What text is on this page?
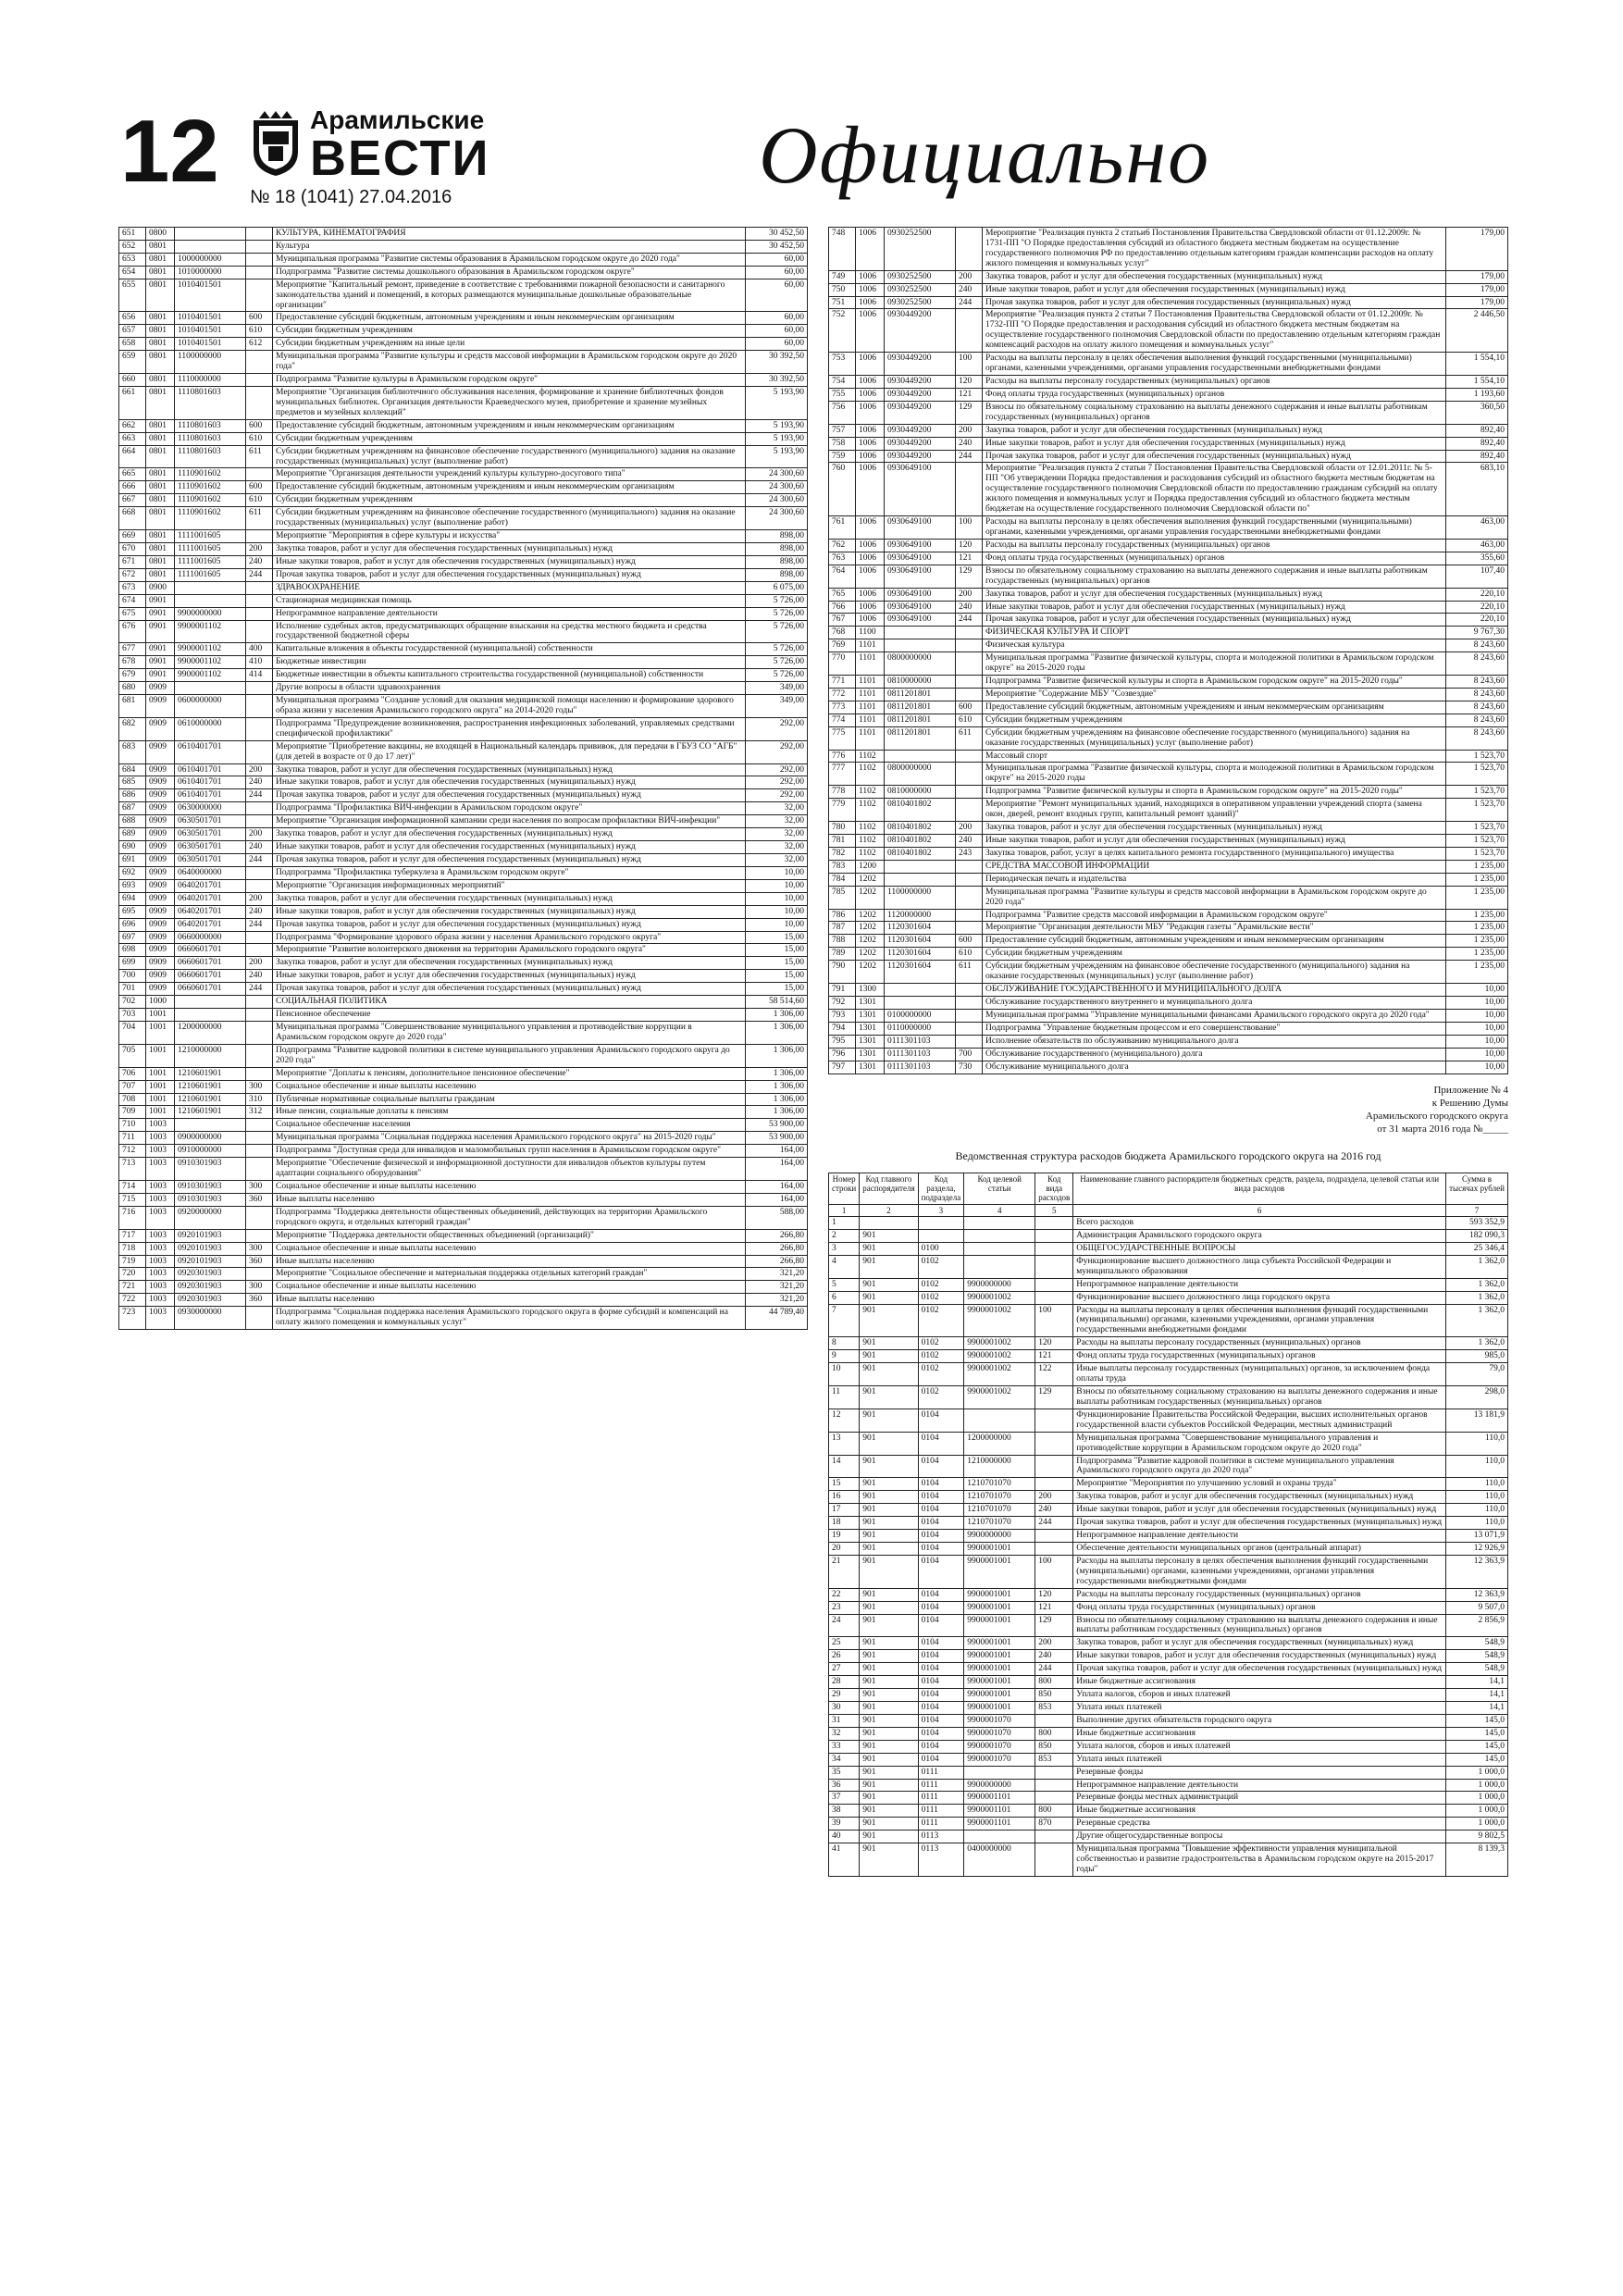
12	Арамильские
ВЕСТИ
№ 18 (1041) 27.04.2016	Официально
651	0800			КУЛЬТУРА, КИНЕМАТОГРАФИЯ	30 452,50
652	0801			Культура	30 452,50
653	0801	1000000000		Муниципальная программа "Развитие системы образования в Арамильском городском округе до 2020 года"	60,00
654	0801	1010000000		Подпрограмма "Развитие системы дошкольного образования в Арамильском городском округе"	60,00
655	0801	1010401501		Мероприятие "Капитальный ремонт, приведение в соответствие с требованиями пожарной безопасности и санитарного законодательства зданий и помещений, в которых размещаются муниципальные дошкольные образовательные организации"	60,00
656	0801	1010401501	600	Предоставление субсидий бюджетным, автономным учреждениям и иным некоммерческим организациям	60,00
657	0801	1010401501	610	Субсидии бюджетным учреждениям	60,00
658	0801	1010401501	612	Субсидии бюджетным учреждениям на иные цели	60,00
659	0801	1100000000		Муниципальная программа "Развитие культуры и средств массовой информации в Арамильском городском округе до 2020 года"	30 392,50
660	0801	1110000000		Подпрограмма "Развитие культуры в Арамильском городском округе"	30 392,50
661	0801	1110801603		Мероприятие "Организация библиотечного обслуживания населения, формирование и хранение библиотечных фондов муниципальных библиотек. Организация деятельности Краеведческого музея, приобретение и хранение музейных предметов и музейных коллекций"	5 193,90
662	0801	1110801603	600	Предоставление субсидий бюджетным, автономным учреждениям и иным некоммерческим организациям	5 193,90
663	0801	1110801603	610	Субсидии бюджетным учреждениям	5 193,90
664	0801	1110801603	611	Субсидии бюджетным учреждениям на финансовое обеспечение государственного (муниципального) задания на оказание государственных (муниципальных) услуг (выполнение работ)	5 193,90
665	0801	1110901602		Мероприятие "Организация деятельности учреждений культуры культурно-досугового типа"	24 300,60
666	0801	1110901602	600	Предоставление субсидий бюджетным, автономным учреждениям и иным некоммерческим организациям	24 300,60
667	0801	1110901602	610	Субсидии бюджетным учреждениям	24 300,60
668	0801	1110901602	611	Субсидии бюджетным учреждениям на финансовое обеспечение государственного (муниципального) задания на оказание государственных (муниципальных) услуг (выполнение работ)	24 300,60
669	0801	1111001605		Мероприятие "Мероприятия в сфере культуры и искусства"	898,00
670	0801	1111001605	200	Закупка товаров, работ и услуг для обеспечения государственных (муниципальных) нужд	898,00
671	0801	1111001605	240	Иные закупки товаров, работ и услуг для обеспечения государственных (муниципальных) нужд	898,00
672	0801	1111001605	244	Прочая закупка товаров, работ и услуг для обеспечения государственных (муниципальных) нужд	898,00
673	0900			ЗДРАВООХРАНЕНИЕ	6 075,00
674	0901			Стационарная медицинская помощь	5 726,00
675	0901	9900000000		Непрограммное направление деятельности	5 726,00
676	0901	9900001102		Исполнение судебных актов, предусматривающих обращение взыскания на средства местного бюджета и средства государственной бюджетной сферы	5 726,00
677	0901	9900001102	400	Капитальные вложения в объекты государственной (муниципальной) собственности	5 726,00
678	0901	9900001102	410	Бюджетные инвестиции	5 726,00
679	0901	9900001102	414	Бюджетные инвестиции в объекты капитального строительства государственной (муниципальной) собственности	5 726,00
680	0909			Другие вопросы в области здравоохранения	349,00
681	0909	0600000000		Муниципальная программа "Создание условий для оказания медицинской помощи населению и формирование здорового образа жизни у населения Арамильского городского округа" на 2014-2020 годы"	349,00
682	0909	0610000000		Подпрограмма "Предупреждение возникновения, распространения инфекционных заболеваний, управляемых средствами специфической профилактики"	292,00
683	0909	0610401701		Мероприятие "Приобретение вакцины, не входящей в Национальный календарь прививок, для передачи в ГБУЗ СО "АГБ" (для детей в возрасте от 0 до 17 лет)"	292,00
684	0909	0610401701	200	Закупка товаров, работ и услуг для обеспечения государственных (муниципальных) нужд	292,00
685	0909	0610401701	240	Иные закупки товаров, работ и услуг для обеспечения государственных (муниципальных) нужд	292,00
686	0909	0610401701	244	Прочая закупка товаров, работ и услуг для обеспечения государственных (муниципальных) нужд	292,00
687	0909	0630000000		Подпрограмма "Профилактика ВИЧ-инфекции в Арамильском городском округе"	32,00
688	0909	0630501701		Мероприятие "Организация информационной кампании среди населения по вопросам профилактики ВИЧ-инфекции"	32,00
689	0909	0630501701	200	Закупка товаров, работ и услуг для обеспечения государственных (муниципальных) нужд	32,00
690	0909	0630501701	240	Иные закупки товаров, работ и услуг для обеспечения государственных (муниципальных) нужд	32,00
691	0909	0630501701	244	Прочая закупка товаров, работ и услуг для обеспечения государственных (муниципальных) нужд	32,00
692	0909	0640000000		Подпрограмма "Профилактика туберкулеза в Арамильском городском округе"	10,00
693	0909	0640201701		Мероприятие "Организация информационных мероприятий"	10,00
694	0909	0640201701	200	Закупка товаров, работ и услуг для обеспечения государственных (муниципальных) нужд	10,00
695	0909	0640201701	240	Иные закупки товаров, работ и услуг для обеспечения государственных (муниципальных) нужд	10,00
696	0909	0640201701	244	Прочая закупка товаров, работ и услуг для обеспечения государственных (муниципальных) нужд	10,00
697	0909	0660000000		Подпрограмма "Формирование здорового образа жизни у населения Арамильского городского округа"	15,00
698	0909	0660601701		Мероприятие "Развитие волонтерского движения на территории Арамильского городского округа"	15,00
699	0909	0660601701	200	Закупка товаров, работ и услуг для обеспечения государственных (муниципальных) нужд	15,00
700	0909	0660601701	240	Иные закупки товаров, работ и услуг для обеспечения государственных (муниципальных) нужд	15,00
701	0909	0660601701	244	Прочая закупка товаров, работ и услуг для обеспечения государственных (муниципальных) нужд	15,00
702	1000			СОЦИАЛЬНАЯ ПОЛИТИКА	58 514,60
703	1001			Пенсионное обеспечение	1 306,00
704	1001	1200000000		Муниципальная программа "Совершенствование муниципального управления и противодействие коррупции в Арамильском городском округе до 2020 года"	1 306,00
705	1001	1210000000		Подпрограмма "Развитие кадровой политики в системе муниципального управления Арамильского городского округа до 2020 года"	1 306,00
706	1001	1210601901		Мероприятие "Доплаты к пенсиям, дополнительное пенсионное обеспечение"	1 306,00
707	1001	1210601901	300	Социальное обеспечение и иные выплаты населению	1 306,00
708	1001	1210601901	310	Публичные нормативные социальные выплаты гражданам	1 306,00
709	1001	1210601901	312	Иные пенсии, социальные доплаты к пенсиям	1 306,00
710	1003			Социальное обеспечение населения	53 900,00
711	1003	0900000000		Муниципальная программа "Социальная поддержка населения Арамильского городского округа" на 2015-2020 годы"	53 900,00
712	1003	0910000000		Подпрограмма "Доступная среда для инвалидов и маломобильных групп населения в Арамильском городском округе"	164,00
713	1003	0910301903		Мероприятие "Обеспечение физической и информационной доступности для инвалидов объектов культуры путем адаптации социального оборудования"	164,00
714	1003	0910301903	300	Социальное обеспечение и иные выплаты населению	164,00
715	1003	0910301903	360	Иные выплаты населению	164,00
716	1003	0920000000		Подпрограмма "Поддержка деятельности общественных объединений, действующих на территории Арамильского городского округа, и отдельных категорий граждан"	588,00
717	1003	0920101903		Мероприятие "Поддержка деятельности общественных объединений (организаций)"	266,80
718	1003	0920101903	300	Социальное обеспечение и иные выплаты населению	266,80
719	1003	0920101903	360	Иные выплаты населению	266,80
720	1003	0920301903		Мероприятие "Социальное обеспечение и материальная поддержка отдельных категорий граждан"	321,20
721	1003	0920301903	300	Социальное обеспечение и иные выплаты населению	321,20
722	1003	0920301903	360	Иные выплаты населению	321,20
723	1003	0930000000		Подпрограмма "Социальная поддержка населения Арамильского городского округа в форме субсидий и компенсаций на оплату жилого помещения и коммунальных услуг"	44 789,40
748	1006	0930252500		Мероприятие "Реализация пункта 2 статьи6 Постановления Правительства Свердловской области от 01.12.2009г. № 1731-ПП "О Порядке предоставления субсидий из областного бюджета местным бюджетам на осуществление государственного полномочия РФ по предоставлению отдельным категориям граждан компенсации расходов на оплату жилого помещения и коммунальных услуг"	179,00
749	1006	0930252500	200	Закупка товаров, работ и услуг для обеспечения государственных (муниципальных) нужд	179,00
750	1006	0930252500	240	Иные закупки товаров, работ и услуг для обеспечения государственных (муниципальных) нужд	179,00
751	1006	0930252500	244	Прочая закупка товаров, работ и услуг для обеспечения государственных (муниципальных) нужд	179,00
752	1006	0930449200		Мероприятие "Реализация пункта 2 статьи 7 Постановления Правительства Свердловской области от 01.12.2009г. № 1732-ПП "О Порядке предоставления и расходования субсидий из областного бюджета местным бюджетам на осуществление государственного полномочия Свердловской области по предоставлению отдельным категориям граждан компенсаций расходов на оплату жилого помещения и коммунальных услуг"	2 446,50
753	1006	0930449200	100	Расходы на выплаты персоналу в целях обеспечения выполнения функций государственными (муниципальными) органами, казенными учреждениями, органами управления государственными внебюджетными фондами	1 554,10
754	1006	0930449200	120	Расходы на выплаты персоналу государственных (муниципальных) органов	1 554,10
755	1006	0930449200	121	Фонд оплаты труда государственных (муниципальных) органов	1 193,60
756	1006	0930449200	129	Взносы по обязательному социальному страхованию на выплаты денежного содержания и иные выплаты работникам государственных (муниципальных) органов	360,50
757	1006	0930449200	200	Закупка товаров, работ и услуг для обеспечения государственных (муниципальных) нужд	892,40
758	1006	0930449200	240	Иные закупки товаров, работ и услуг для обеспечения государственных (муниципальных) нужд	892,40
759	1006	0930449200	244	Прочая закупка товаров, работ и услуг для обеспечения государственных (муниципальных) нужд	892,40
760	1006	0930649100		Мероприятие "Реализация пункта 2 статьи 7 Постановления Правительства Свердловской области от 12.01.2011г. № 5-ПП "Об утверждении Порядка предоставления и расходования субсидий из областного бюджета местным бюджетам на осуществление государственного полномочия Свердловской области по предоставлению гражданам субсидий на оплату жилого помещения и коммунальных услуг и Порядка предоставления субсидий из областного бюджета местным бюджетам на осуществление государственного полномочия Свердловской области по"	683,10
761	1006	0930649100	100	Расходы на выплаты персоналу в целях обеспечения выполнения функций государственными (муниципальными) органами, казенными учреждениями, органами управления государственными внебюджетными фондами	463,00
762	1006	0930649100	120	Расходы на выплаты персоналу государственных (муниципальных) органов	463,00
763	1006	0930649100	121	Фонд оплаты труда государственных (муниципальных) органов	355,60
764	1006	0930649100	129	Взносы по обязательному социальному страхованию на выплаты денежного содержания и иные выплаты работникам государственных (муниципальных) органов	107,40
765	1006	0930649100	200	Закупка товаров, работ и услуг для обеспечения государственных (муниципальных) нужд	220,10
766	1006	0930649100	240	Иные закупки товаров, работ и услуг для обеспечения государственных (муниципальных) нужд	220,10
767	1006	0930649100	244	Прочая закупка товаров, работ и услуг для обеспечения государственных (муниципальных) нужд	220,10
768	1100			ФИЗИЧЕСКАЯ КУЛЬТУРА И СПОРТ	9 767,30
769	1101			Физическая культура	8 243,60
770	1101	0800000000		Муниципальная программа "Развитие физической культуры, спорта и молодежной политики в Арамильском городском округе" на 2015-2020 годы	8 243,60
771	1101	0810000000		Подпрограмма "Развитие физической культуры и спорта в Арамильском городском округе" на 2015-2020 годы"	8 243,60
772	1101	0811201801		Мероприятие "Содержание МБУ "Созвездие"	8 243,60
773	1101	0811201801	600	Предоставление субсидий бюджетным, автономным учреждениям и иным некоммерческим организациям	8 243,60
774	1101	0811201801	610	Субсидии бюджетным учреждениям	8 243,60
775	1101	0811201801	611	Субсидии бюджетным учреждениям на финансовое обеспечение государственного (муниципального) задания на оказание государственных (муниципальных) услуг (выполнение работ)	8 243,60
776	1102			Массовый спорт	1 523,70
777	1102	0800000000		Муниципальная программа "Развитие физической культуры, спорта и молодежной политики в Арамильском городском округе" на 2015-2020 годы	1 523,70
778	1102	0810000000		Подпрограмма "Развитие физической культуры и спорта в Арамильском городском округе" на 2015-2020 годы"	1 523,70
779	1102	0810401802		Мероприятие "Ремонт муниципальных зданий, находящихся в оперативном управлении учреждений спорта (замена окон, дверей, ремонт входных групп, капитальный ремонт зданий)"	1 523,70
780	1102	0810401802	200	Закупка товаров, работ и услуг для обеспечения государственных (муниципальных) нужд	1 523,70
781	1102	0810401802	240	Иные закупки товаров, работ и услуг для обеспечения государственных (муниципальных) нужд	1 523,70
782	1102	0810401802	243	Закупка товаров, работ, услуг в целях капитального ремонта государственного (муниципального) имущества	1 523,70
783	1200			СРЕДСТВА МАССОВОЙ ИНФОРМАЦИИ	1 235,00
784	1202			Периодическая печать и издательства	1 235,00
785	1202	1100000000		Муниципальная программа "Развитие культуры и средств массовой информации в Арамильском городском округе до 2020 года"	1 235,00
786	1202	1120000000		Подпрограмма "Развитие средств массовой информации в Арамильском городском округе"	1 235,00
787	1202	1120301604		Мероприятие "Организация деятельности МБУ "Редакция газеты "Арамильские вести"	1 235,00
788	1202	1120301604	600	Предоставление субсидий бюджетным, автономным учреждениям и иным некоммерческим организациям	1 235,00
789	1202	1120301604	610	Субсидии бюджетным учреждениям	1 235,00
790	1202	1120301604	611	Субсидии бюджетным учреждениям на финансовое обеспечение государственного (муниципального) задания на оказание государственных (муниципальных) услуг (выполнение работ)	1 235,00
791	1300			ОБСЛУЖИВАНИЕ ГОСУДАРСТВЕННОГО И МУНИЦИПАЛЬНОГО ДОЛГА	10,00
792	1301			Обслуживание государственного внутреннего и муниципального долга	10,00
793	1301	0100000000		Муниципальная программа "Управление муниципальными финансами Арамильского городского округа до 2020 года"	10,00
794	1301	0110000000		Подпрограмма "Управление бюджетным процессом и его совершенствование"	10,00
795	1301	0111301103		Исполнение обязательств по обслуживанию муниципального долга	10,00
796	1301	0111301103	700	Обслуживание государственного (муниципального) долга	10,00
797	1301	0111301103	730	Обслуживание муниципального долга	10,00
Приложение № 4
к Решению Думы
Арамильского городского округа
от 31 марта 2016 года №_____
Ведомственная структура расходов бюджета Арамильского городского округа на 2016 год
Номер строки	Код главного распорядителя	Код раздела, подраздела	Код целевой статьи	Код вида расходов	Наименование главного распорядителя бюджетных средств, раздела, подраздела, целевой статьи или вида расходов	Сумма в тысячах рублей
1	2	3	4	5	6	7
1					Всего расходов	593 352,9
2	901				Администрация Арамильского городского округа	182 090,3
3	901	0100			ОБЩЕГОСУДАРСТВЕННЫЕ ВОПРОСЫ	25 346,4
4	901	0102			Функционирование высшего должностного лица субъекта Российской Федерации и муниципального образования	1 362,0
5	901	0102	9900000000		Непрограммное направление деятельности	1 362,0
6	901	0102	9900001002		Функционирование высшего должностного лица городского округа	1 362,0
7	901	0102	9900001002	100	Расходы на выплаты персоналу в целях обеспечения выполнения функций государственными (муниципальными) органами, казенными учреждениями, органами управления государственными внебюджетными фондами	1 362,0
8	901	0102	9900001002	120	Расходы на выплаты персоналу государственных (муниципальных) органов	1 362,0
9	901	0102	9900001002	121	Фонд оплаты труда государственных (муниципальных) органов	985,0
10	901	0102	9900001002	122	Иные выплаты персоналу государственных (муниципальных) органов, за исключением фонда оплаты труда	79,0
11	901	0102	9900001002	129	Взносы по обязательному социальному страхованию на выплаты денежного содержания и иные выплаты работникам государственных (муниципальных) органов	298,0
12	901	0104			Функционирование Правительства Российской Федерации, высших исполнительных органов государственной власти субъектов Российской Федерации, местных администраций	13 181,9
13	901	0104	1200000000		Муниципальная программа "Совершенствование муниципального управления и противодействие коррупции в Арамильском городском округе до 2020 года"	110,0
14	901	0104	1210000000		Подпрограмма "Развитие кадровой политики в системе муниципального управления Арамильского городского округа до 2020 года"	110,0
15	901	0104	1210701070		Мероприятие "Мероприятия по улучшению условий и охраны труда"	110,0
16	901	0104	1210701070	200	Закупка товаров, работ и услуг для обеспечения государственных (муниципальных) нужд	110,0
17	901	0104	1210701070	240	Иные закупки товаров, работ и услуг для обеспечения государственных (муниципальных) нужд	110,0
18	901	0104	1210701070	244	Прочая закупка товаров, работ и услуг для обеспечения государственных (муниципальных) нужд	110,0
19	901	0104	9900000000		Непрограммное направление деятельности	13 071,9
20	901	0104	9900001001		Обеспечение деятельности муниципальных органов (центральный аппарат)	12 926,9
21	901	0104	9900001001	100	Расходы на выплаты персоналу в целях обеспечения выполнения функций государственными (муниципальными) органами, казенными учреждениями, органами управления государственными внебюджетными фондами	12 363,9
22	901	0104	9900001001	120	Расходы на выплаты персоналу государственных (муниципальных) органов	12 363,9
23	901	0104	9900001001	121	Фонд оплаты труда государственных (муниципальных) органов	9 507,0
24	901	0104	9900001001	129	Взносы по обязательному социальному страхованию на выплаты денежного содержания и иные выплаты работникам государственных (муниципальных) органов	2 856,9
25	901	0104	9900001001	200	Закупка товаров, работ и услуг для обеспечения государственных (муниципальных) нужд	548,9
26	901	0104	9900001001	240	Иные закупки товаров, работ и услуг для обеспечения государственных (муниципальных) нужд	548,9
27	901	0104	9900001001	244	Прочая закупка товаров, работ и услуг для обеспечения государственных (муниципальных) нужд	548,9
28	901	0104	9900001001	800	Иные бюджетные ассигнования	14,1
29	901	0104	9900001001	850	Уплата налогов, сборов и иных платежей	14,1
30	901	0104	9900001001	853	Уплата иных платежей	14,1
31	901	0104	9900001070		Выполнение других обязательств городского округа	145,0
32	901	0104	9900001070	800	Иные бюджетные ассигнования	145,0
33	901	0104	9900001070	850	Уплата налогов, сборов и иных платежей	145,0
34	901	0104	9900001070	853	Уплата иных платежей	145,0
35	901	0111			Резервные фонды	1 000,0
36	901	0111	9900000000		Непрограммное направление деятельности	1 000,0
37	901	0111	9900001101		Резервные фонды местных администраций	1 000,0
38	901	0111	9900001101	800	Иные бюджетные ассигнования	1 000,0
39	901	0111	9900001101	870	Резервные средства	1 000,0
40	901	0113			Другие общегосударственные вопросы	9 802,5
41	901	0113	0400000000		Муниципальная программа "Повышение эффективности управления муниципальной собственностью и развитие градостроительства в Арамильском городском округе на 2015-2017 годы"	8 139,3
